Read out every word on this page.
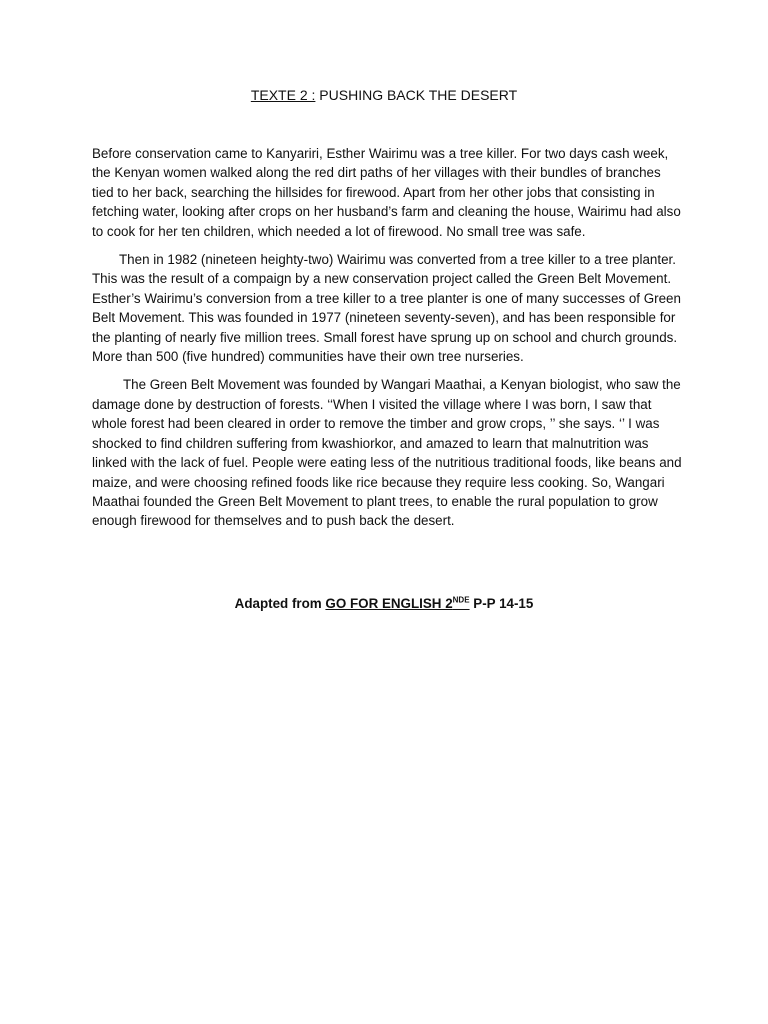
TEXTE 2 : PUSHING BACK THE DESERT

Before conservation came to Kanyariri, Esther Wairimu was a tree killer. For two days cash week, the Kenyan women walked along the red dirt paths of her villages with their bundles of branches tied to her back, searching the hillsides for firewood. Apart from her other jobs that consisting in fetching water, looking after crops on her husband’s farm and cleaning the house, Wairimu had also to cook for her ten children, which needed a lot of firewood. No small tree was safe.

Then in 1982 (nineteen heighty-two) Wairimu was converted from a tree killer to a tree planter. This was the result of a compaign by a new conservation project called the Green Belt Movement. Esther’s Wairimu’s conversion from a tree killer to a tree planter is one of many successes of Green Belt Movement. This was founded in 1977 (nineteen seventy-seven), and has been responsible for the planting of nearly five million trees. Small forest have sprung up on school and church grounds. More than 500 (five hundred) communities have their own tree nurseries.

The Green Belt Movement was founded by Wangari Maathai, a Kenyan biologist, who saw the damage done by destruction of forests. ‘‘When I visited the village where I was born, I saw that whole forest had been cleared in order to remove the timber and grow crops, ’’ she says. ‘’ I was shocked to find children suffering from kwashiorkor, and amazed to learn that malnutrition was linked with the lack of fuel. People were eating less of the nutritious traditional foods, like beans and maize, and were choosing refined foods like rice because they require less cooking. So, Wangari Maathai founded the Green Belt Movement to plant trees, to enable the rural population to grow enough firewood for themselves and to push back the desert.

Adapted from GO FOR ENGLISH 2NDE P-P 14-15
